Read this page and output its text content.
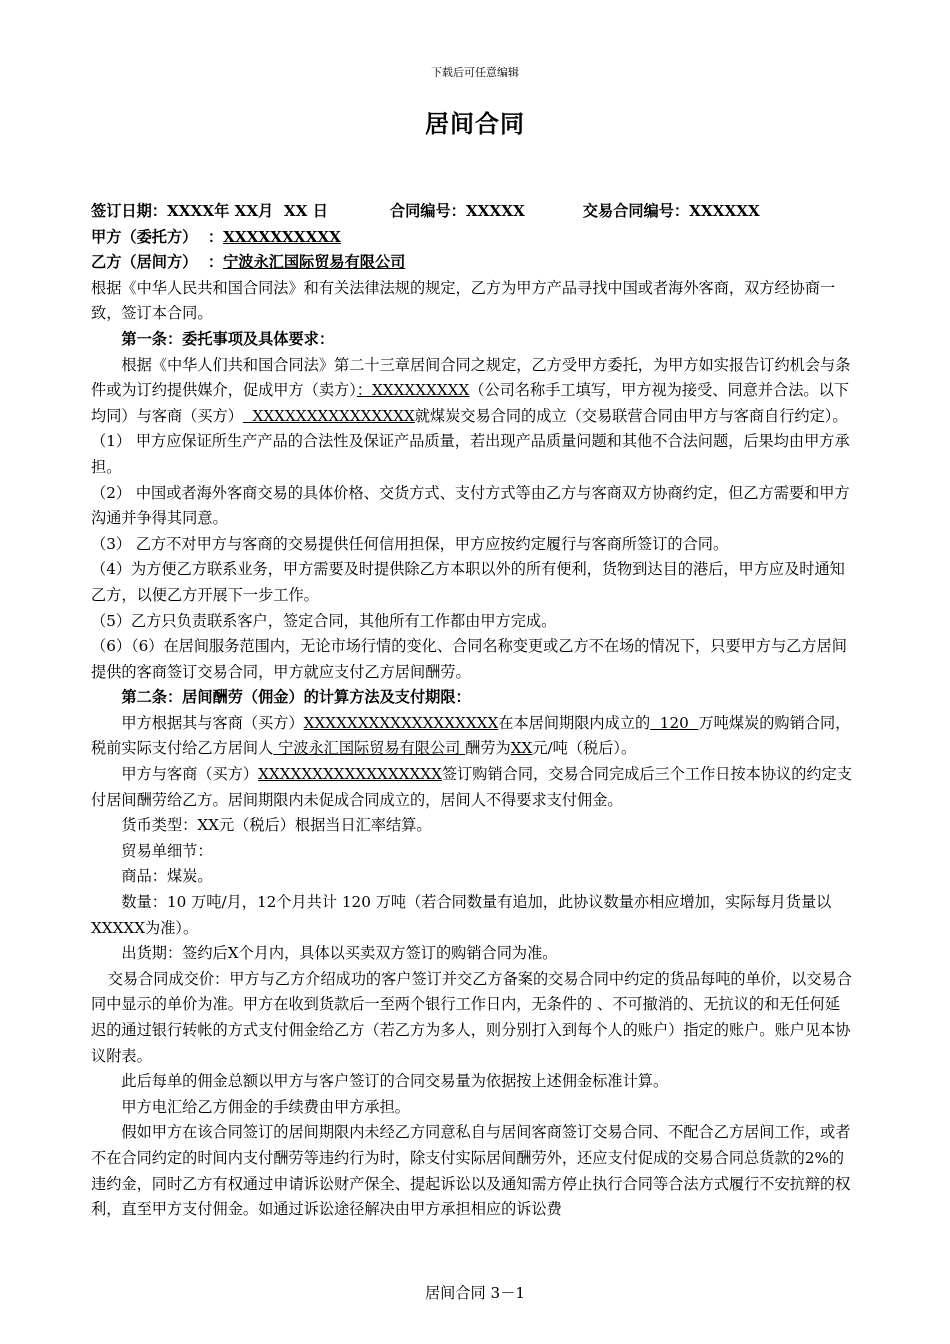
下载后可任意编辑
居间合同

签订日期：XXXX年 XX月  XX 日	合同编号：XXXXX	交易合同编号：XXXXXX

甲方（委托方）  ：XXXXXXXXXX

乙方（居间方）  ：宁波永汇国际贸易有限公司

根据《中华人民共和国合同法》和有关法律法规的规定，乙方为甲方产品寻找中国或者海外客商，双方经协商一致，签订本合同。

第一条：委托事项及具体要求：

根据《中华人们共和国合同法》第二十三章居间合同之规定，乙方受甲方委托，为甲方如实报告订约机会与条件或为订约提供媒介，促成甲方（卖方）：XXXXXXXXX（公司名称手工填写，甲方视为接受、同意并合法。以下均同）与客商（买方）  XXXXXXXXXXXXXXX就煤炭交易合同的成立（交易联营合同由甲方与客商自行约定）。

（1） 甲方应保证所生产产品的合法性及保证产品质量，若出现产品质量问题和其他不合法问题，后果均由甲方承担。

（2） 中国或者海外客商交易的具体价格、交货方式、支付方式等由乙方与客商双方协商约定，但乙方需要和甲方沟通并争得其同意。

（3） 乙方不对甲方与客商的交易提供任何信用担保，甲方应按约定履行与客商所签订的合同。

（4）为方便乙方联系业务，甲方需要及时提供除乙方本职以外的所有便利，货物到达目的港后，甲方应及时通知乙方，以便乙方开展下一步工作。

（5）乙方只负责联系客户，签定合同，其他所有工作都由甲方完成。

（6）（6）在居间服务范围内，无论市场行情的变化、合同名称变更或乙方不在场的情况下，只要甲方与乙方居间提供的客商签订交易合同，甲方就应支付乙方居间酬劳。

第二条：居间酬劳（佣金）的计算方法及支付期限：

甲方根据其与客商（买方）XXXXXXXXXXXXXXXXXX在本居间期限内成立的  120  万吨煤炭的购销合同，税前实际支付给乙方居间人 宁波永汇国际贸易有限公司 酬劳为XX元/吨（税后）。

甲方与客商（买方）XXXXXXXXXXXXXXXXX签订购销合同，交易合同完成后三个工作日按本协议的约定支付居间酬劳给乙方。居间期限内未促成合同成立的，居间人不得要求支付佣金。

货币类型：XX元（税后）根据当日汇率结算。

贸易单细节：

商品：煤炭。

数量：10 万吨/月，12个月共计 120 万吨（若合同数量有追加，此协议数量亦相应增加，实际每月货量以XXXXX为准）。

出货期：签约后X个月内，具体以买卖双方签订的购销合同为准。

交易合同成交价：甲方与乙方介绍成功的客户签订并交乙方备案的交易合同中约定的货品每吨的单价，以交易合同中显示的单价为准。甲方在收到货款后一至两个银行工作日内，无条件的 、不可撤消的、无抗议的和无任何延迟的通过银行转帐的方式支付佣金给乙方（若乙方为多人，则分别打入到每个人的账户）指定的账户。账户见本协议附表。

此后每单的佣金总额以甲方与客户签订的合同交易量为依据按上述佣金标准计算。

甲方电汇给乙方佣金的手续费由甲方承担。

假如甲方在该合同签订的居间期限内未经乙方同意私自与居间客商签订交易合同、不配合乙方居间工作，或者不在合同约定的时间内支付酬劳等违约行为时，除支付实际居间酬劳外，还应支付促成的交易合同总货款的2%的违约金，同时乙方有权通过申请诉讼财产保全、提起诉讼以及通知需方停止执行合同等合法方式履行不安抗辩的权利，直至甲方支付佣金。如通过诉讼途径解决由甲方承担相应的诉讼费

居间合同 3－1
